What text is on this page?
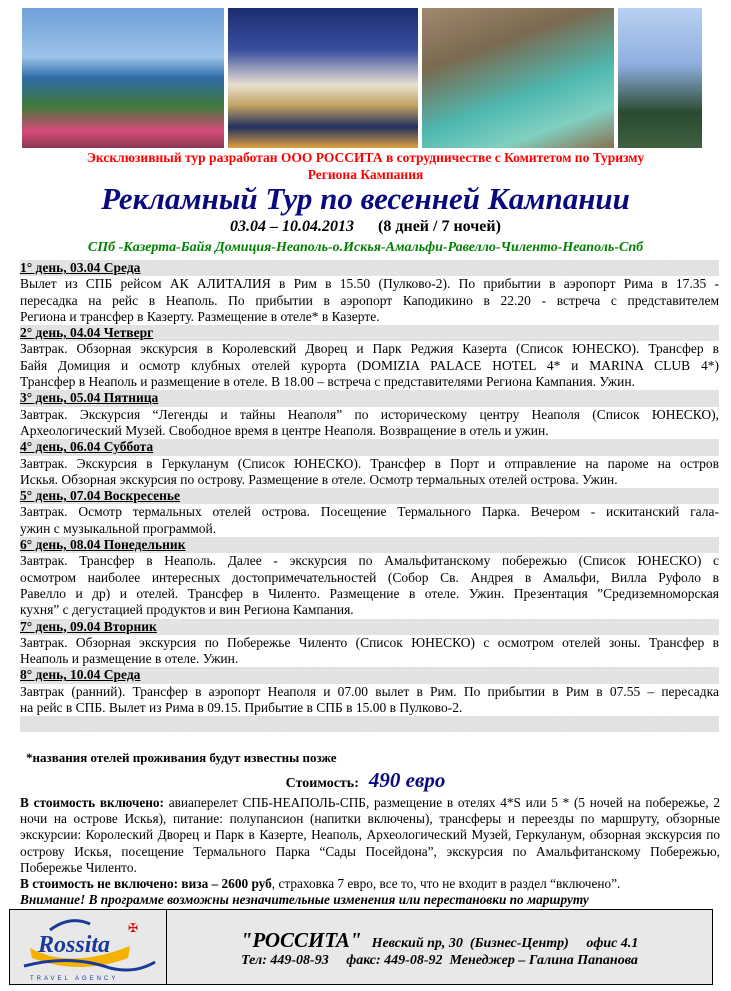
Эксклюзивный тур разработан ООО РОССИТА в сотрудничестве с Комитетом по Туризму
Региона Кампания
Рекламный Тур по весенней Кампании
03.04 – 10.04.2013 (8 дней / 7 ночей)
СПб -Казерта-Байя Домиция-Неаполь-о.Искья-Амальфи-Равелло-Чиленто-Неаполь-Спб
1° день, 03.04 Среда
Вылет из СПБ рейсом АК АЛИТАЛИЯ в Рим в 15.50 (Пулково-2). По прибытии в аэропорт Рима в 17.35 -
пересадка на рейс в Неаполь. По прибытии в аэропорт Каподикино в 22.20 - встреча с представителем
Региона и трансфер в Казерту. Размещение в отеле* в Казерте.
2° день, 04.04 Четверг
Завтрак. Обзорная экскурсия в Королевский Дворец и Парк Реджия Казерта (Список ЮНЕСКО). Трансфер в
Байя Домиция и осмотр клубных отелей курорта (DOMIZIA PALACE HOTEL 4* и MARINA CLUB 4*)
Трансфер в Неаполь и размещение в отеле. В 18.00 – встреча с представителями Региона Кампания. Ужин.
3° день, 05.04 Пятница
Завтрак. Экскурсия “Легенды и тайны Неаполя” по историческому центру Неаполя (Список ЮНЕСКО),
Археологический Музей. Свободное время в центре Неаполя. Возвращение в отель и ужин.
4° день, 06.04 Суббота
Завтрак. Экскурсия в Геркуланум (Список ЮНЕСКО). Трансфер в Порт и отправление на пароме на остров
Искья. Обзорная экскурсия по острову. Размещение в отеле. Осмотр термальных отелей острова. Ужин.
5° день, 07.04 Воскресенье
Завтрак. Осмотр термальных отелей острова. Посещение Термального Парка. Вечером - искитанский гала-
ужин с музыкальной программой.
6° день, 08.04 Понедельник
Завтрак. Трансфер в Неаполь. Далее - экскурсия по Амальфитанскому побережью (Список ЮНЕСКО) с
осмотром наиболее интересных достопримечательностей (Собор Св. Андрея в Амальфи, Вилла Руфоло в
Равелло и др) и отелей. Трансфер в Чиленто. Размещение в отеле. Ужин. Презентация ”Средиземноморская
кухня” с дегустацией продуктов и вин Региона Кампания.
7° день, 09.04 Вторник
Завтрак. Обзорная экскурсия по Побережье Чиленто (Список ЮНЕСКО) с осмотром отелей зоны. Трансфер в
Неаполь и размещение в отеле. Ужин.
8° день, 10.04 Среда
Завтрак (ранний). Трансфер в аэропорт Неаполя и 07.00 вылет в Рим. По прибытии в Рим в 07.55 – пересадка
на рейс в СПБ. Вылет из Рима в 09.15. Прибытие в СПБ в 15.00 в Пулково-2.
*названия отелей проживания будут известны позже
Стоимость: 490 евро
В стоимость включено: авиаперелет СПБ-НЕАПОЛЬ-СПБ, размещение в отелях 4*S или 5 * (5 ночей на побережье, 2 ночи на острове Искья), питание: полупансион (напитки включены), трансферы и переезды по маршруту, обзорные экскурсии: Королеский Дворец и Парк в Казерте, Неаполь, Археологический Музей, Геркуланум, обзорная экскурсия по острову Искья, посещение Термального Парка “Сады Посейдона”, экскурсия по Амальфитанскому Побережью, Побережье Чиленто.
В стоимость не включено: виза – 2600 руб, страховка 7 евро, все то, что не входит в раздел “включено”.
Внимание! В программе возможны незначительные изменения или перестановки по маршруту
Rossita
✠
TRAVEL AGENCY
"РОССИТА" Невский пр, 30  (Бизнес-Центр)     офис 4.1
Тел: 449-08-93     факс: 449-08-92  Менеджер – Галина Папанова
